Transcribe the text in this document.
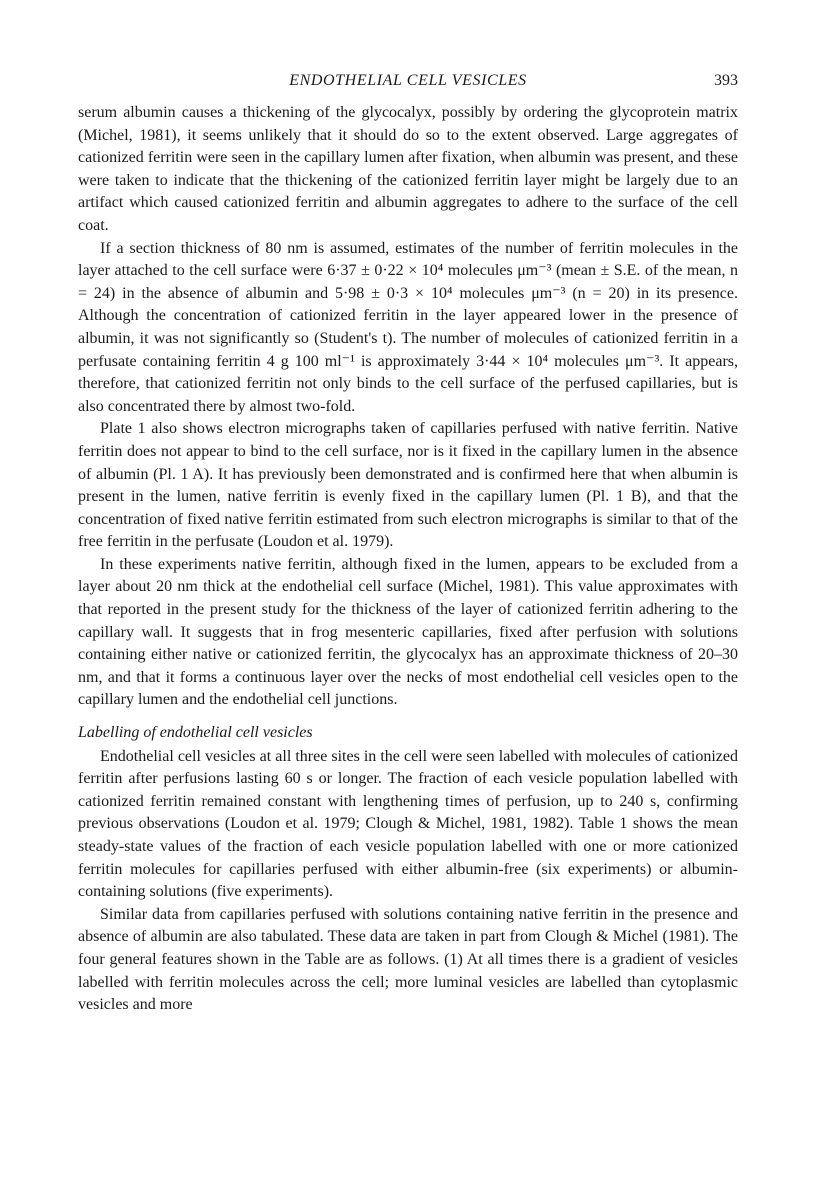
ENDOTHELIAL CELL VESICLES	393

serum albumin causes a thickening of the glycocalyx, possibly by ordering the glycoprotein matrix (Michel, 1981), it seems unlikely that it should do so to the extent observed. Large aggregates of cationized ferritin were seen in the capillary lumen after fixation, when albumin was present, and these were taken to indicate that the thickening of the cationized ferritin layer might be largely due to an artifact which caused cationized ferritin and albumin aggregates to adhere to the surface of the cell coat.

If a section thickness of 80 nm is assumed, estimates of the number of ferritin molecules in the layer attached to the cell surface were 6·37 ± 0·22 × 10⁴ molecules μm⁻³ (mean ± S.E. of the mean, n = 24) in the absence of albumin and 5·98 ± 0·3 × 10⁴ molecules μm⁻³ (n = 20) in its presence. Although the concentration of cationized ferritin in the layer appeared lower in the presence of albumin, it was not significantly so (Student's t). The number of molecules of cationized ferritin in a perfusate containing ferritin 4 g 100 ml⁻¹ is approximately 3·44 × 10⁴ molecules μm⁻³. It appears, therefore, that cationized ferritin not only binds to the cell surface of the perfused capillaries, but is also concentrated there by almost two-fold.

Plate 1 also shows electron micrographs taken of capillaries perfused with native ferritin. Native ferritin does not appear to bind to the cell surface, nor is it fixed in the capillary lumen in the absence of albumin (Pl. 1 A). It has previously been demonstrated and is confirmed here that when albumin is present in the lumen, native ferritin is evenly fixed in the capillary lumen (Pl. 1 B), and that the concentration of fixed native ferritin estimated from such electron micrographs is similar to that of the free ferritin in the perfusate (Loudon et al. 1979).

In these experiments native ferritin, although fixed in the lumen, appears to be excluded from a layer about 20 nm thick at the endothelial cell surface (Michel, 1981). This value approximates with that reported in the present study for the thickness of the layer of cationized ferritin adhering to the capillary wall. It suggests that in frog mesenteric capillaries, fixed after perfusion with solutions containing either native or cationized ferritin, the glycocalyx has an approximate thickness of 20–30 nm, and that it forms a continuous layer over the necks of most endothelial cell vesicles open to the capillary lumen and the endothelial cell junctions.

Labelling of endothelial cell vesicles

Endothelial cell vesicles at all three sites in the cell were seen labelled with molecules of cationized ferritin after perfusions lasting 60 s or longer. The fraction of each vesicle population labelled with cationized ferritin remained constant with lengthening times of perfusion, up to 240 s, confirming previous observations (Loudon et al. 1979; Clough & Michel, 1981, 1982). Table 1 shows the mean steady-state values of the fraction of each vesicle population labelled with one or more cationized ferritin molecules for capillaries perfused with either albumin-free (six experiments) or albumin-containing solutions (five experiments).

Similar data from capillaries perfused with solutions containing native ferritin in the presence and absence of albumin are also tabulated. These data are taken in part from Clough & Michel (1981). The four general features shown in the Table are as follows. (1) At all times there is a gradient of vesicles labelled with ferritin molecules across the cell; more luminal vesicles are labelled than cytoplasmic vesicles and more
